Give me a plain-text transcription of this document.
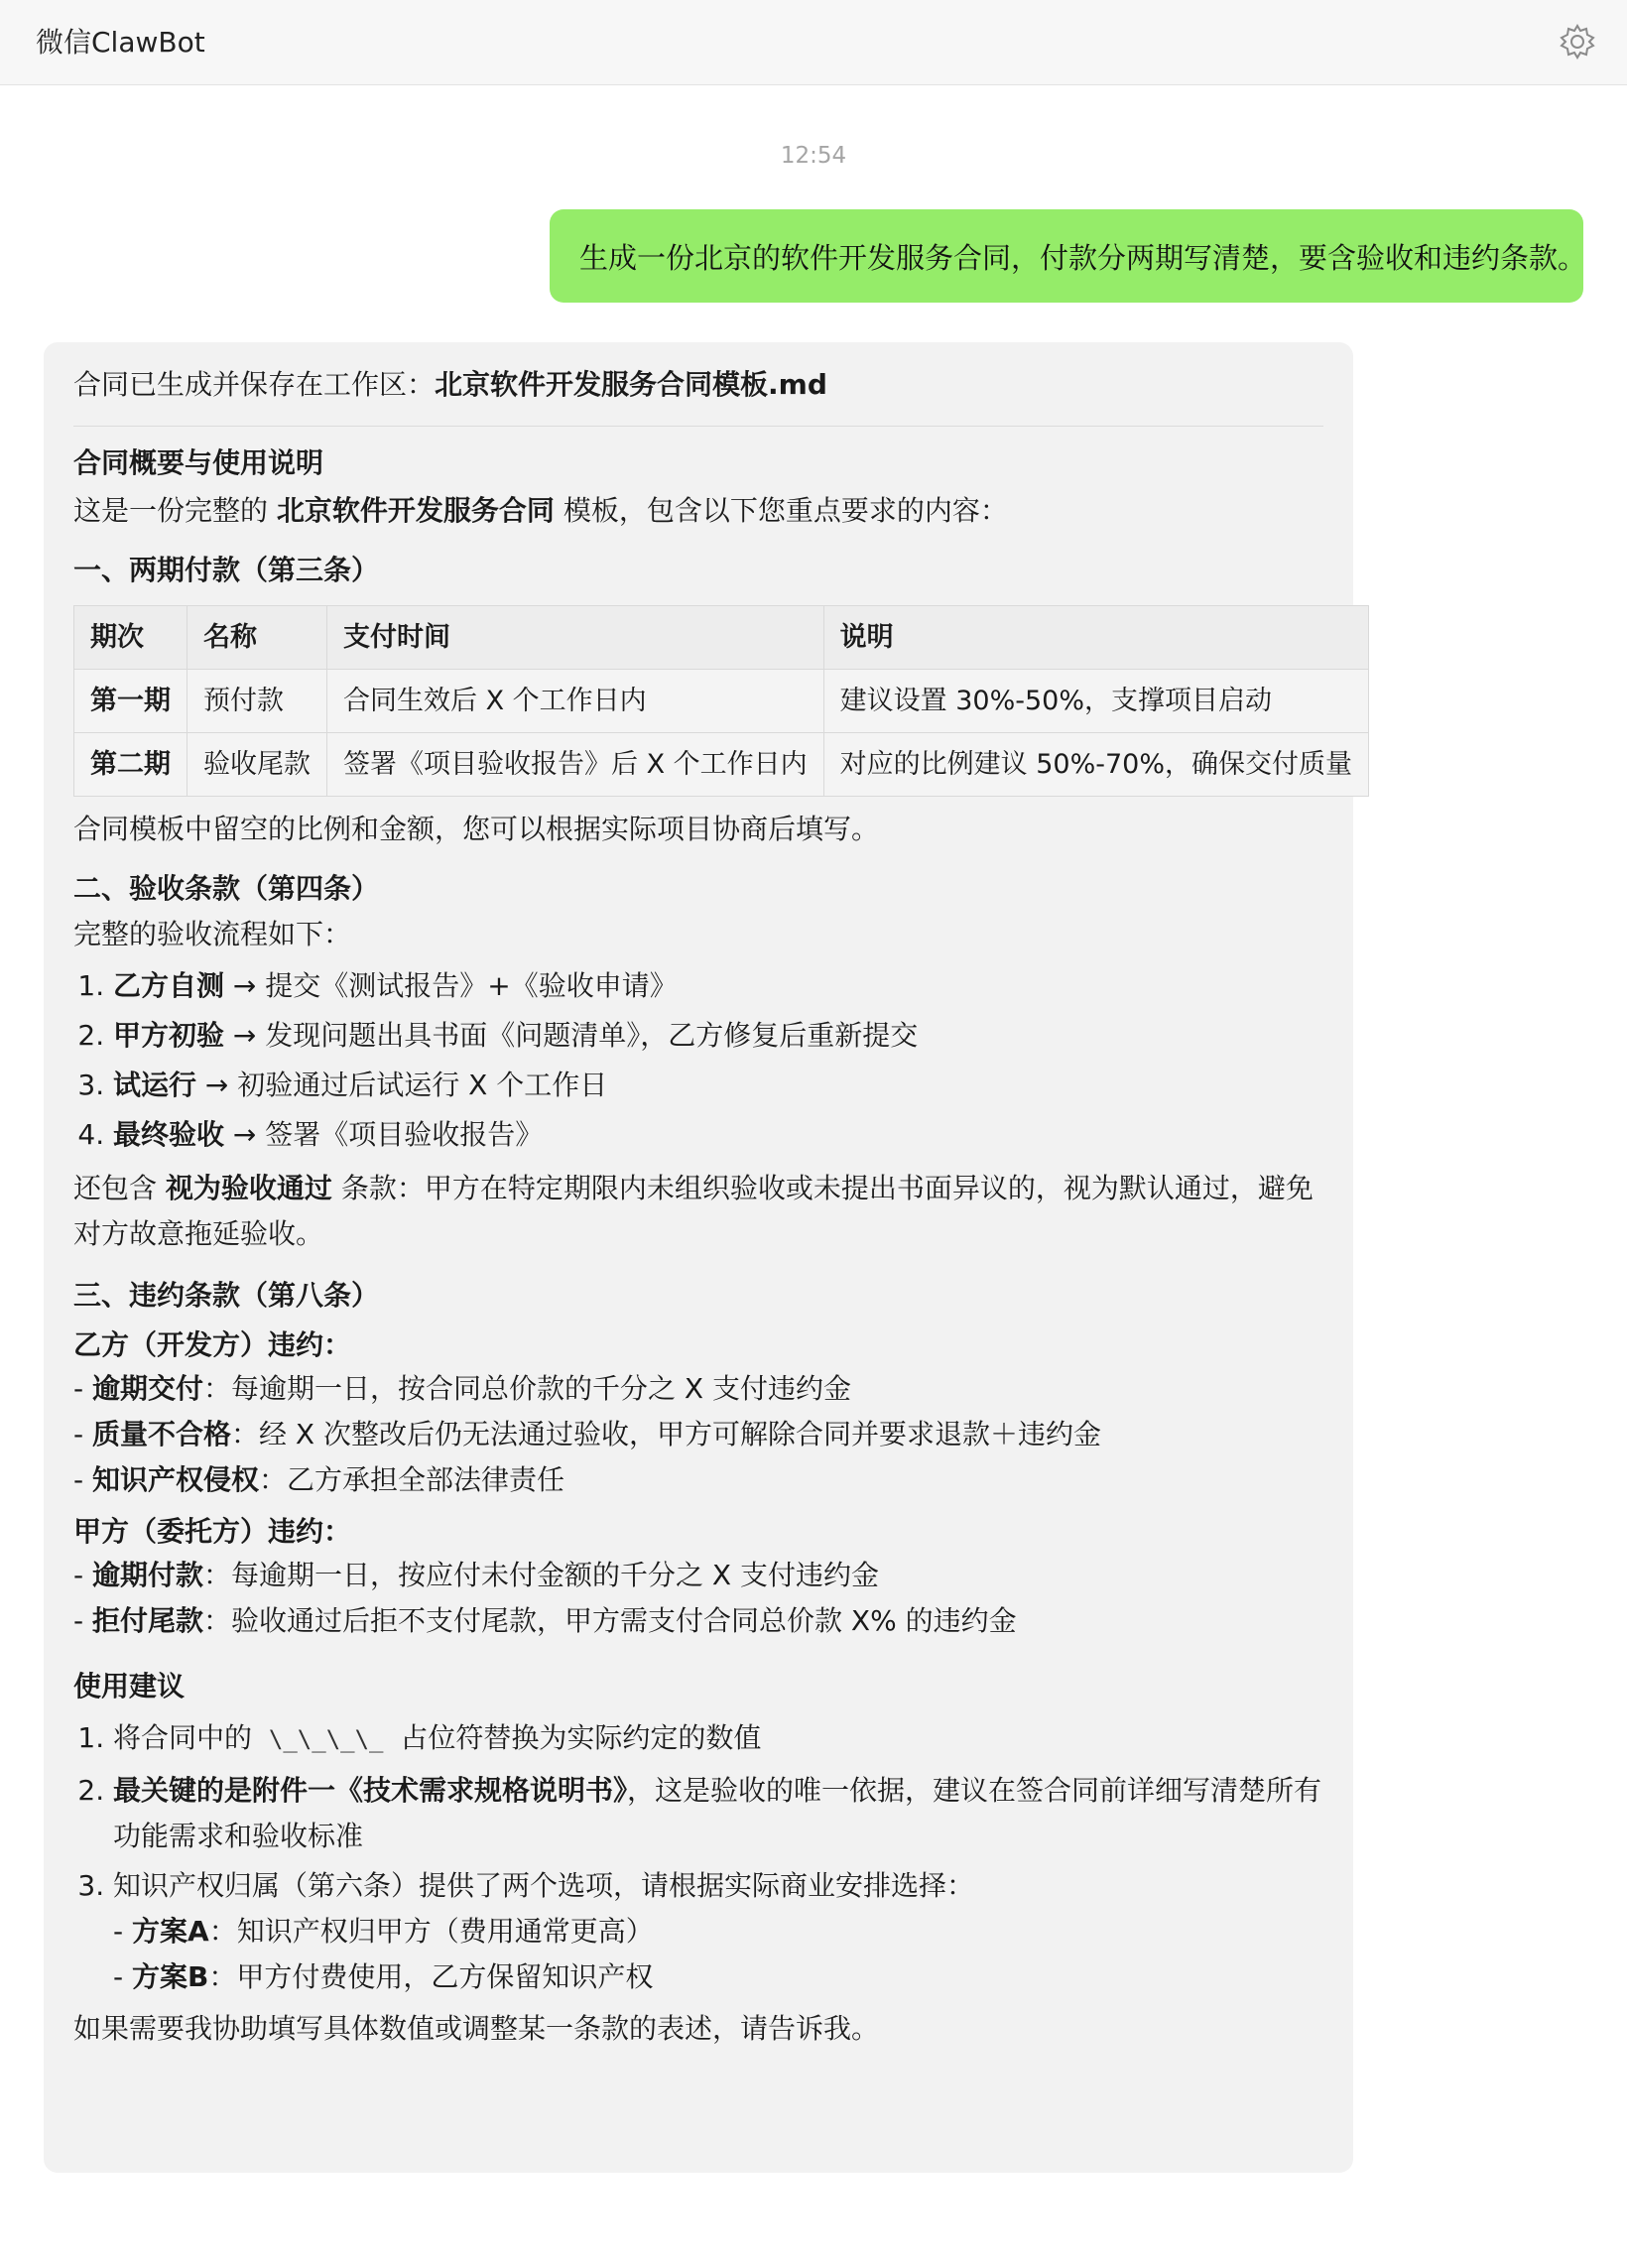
微信ClawBot
12:54
生成一份北京的软件开发服务合同，付款分两期写清楚，要含验收和违约条款。

合同已生成并保存在工作区：北京软件开发服务合同模板.md

合同概要与使用说明

这是一份完整的 北京软件开发服务合同 模板，包含以下您重点要求的内容：

一、两期付款（第三条）
期次	名称	支付时间	说明
第一期	预付款	合同生效后 X 个工作日内	建议设置 30%-50%，支撑项目启动
第二期	验收尾款	签署《项目验收报告》后 X 个工作日内	对应的比例建议 50%-70%，确保交付质量

合同模板中留空的比例和金额，您可以根据实际项目协商后填写。

二、验收条款（第四条）

完整的验收流程如下：

1. 乙方自测 → 提交《测试报告》+《验收申请》
2. 甲方初验 → 发现问题出具书面《问题清单》，乙方修复后重新提交
3. 试运行 → 初验通过后试运行 X 个工作日
4. 最终验收 → 签署《项目验收报告》

还包含 视为验收通过 条款：甲方在特定期限内未组织验收或未提出书面异议的，视为默认通过，避免对方故意拖延验收。

三、违约条款（第八条）

乙方（开发方）违约：

- 逾期交付：每逾期一日，按合同总价款的千分之 X 支付违约金
- 质量不合格：经 X 次整改后仍无法通过验收，甲方可解除合同并要求退款＋违约金
- 知识产权侵权：乙方承担全部法律责任

甲方（委托方）违约：

- 逾期付款：每逾期一日，按应付未付金额的千分之 X 支付违约金
- 拒付尾款：验收通过后拒不支付尾款，甲方需支付合同总价款 X% 的违约金
使用建议
1. 将合同中的 \_\_\_\_ 占位符替换为实际约定的数值
2. 最关键的是附件一《技术需求规格说明书》，这是验收的唯一依据，建议在签合同前详细写清楚所有功能需求和验收标准
3. 知识产权归属（第六条）提供了两个选项，请根据实际商业安排选择：
- 方案A：知识产权归甲方（费用通常更高）
- 方案B：甲方付费使用，乙方保留知识产权

如果需要我协助填写具体数值或调整某一条款的表述，请告诉我。
